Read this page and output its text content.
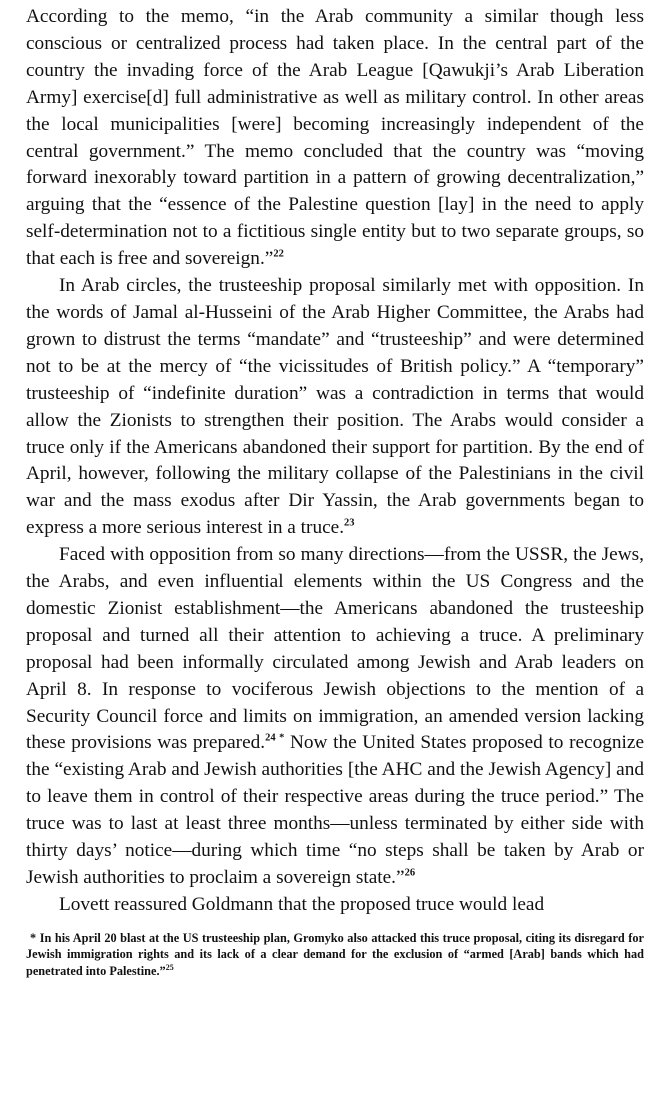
According to the memo, “in the Arab community a similar though less conscious or centralized process had taken place. In the central part of the country the invading force of the Arab League [Qawukji’s Arab Liberation Army] exercise[d] full administrative as well as military control. In other areas the local municipalities [were] becoming increasingly independent of the central government.” The memo concluded that the country was “moving forward inexorably toward partition in a pattern of growing decentralization,” arguing that the “essence of the Palestine question [lay] in the need to apply self-determination not to a fictitious single entity but to two separate groups, so that each is free and sovereign.”$^{22}$

In Arab circles, the trusteeship proposal similarly met with opposition. In the words of Jamal al-Husseini of the Arab Higher Committee, the Arabs had grown to distrust the terms “mandate” and “trusteeship” and were determined not to be at the mercy of “the vicissitudes of British policy.” A “temporary” trusteeship of “indefinite duration” was a contradiction in terms that would allow the Zionists to strengthen their position. The Arabs would consider a truce only if the Americans abandoned their support for partition. By the end of April, however, following the military collapse of the Palestinians in the civil war and the mass exodus after Dir Yassin, the Arab governments began to express a more serious interest in a truce.$^{23}$

Faced with opposition from so many directions—from the USSR, the Jews, the Arabs, and even influential elements within the US Congress and the domestic Zionist establishment—the Americans abandoned the trusteeship proposal and turned all their attention to achieving a truce. A preliminary proposal had been informally circulated among Jewish and Arab leaders on April 8. In response to vociferous Jewish objections to the mention of a Security Council force and limits on immigration, an amended version lacking these provisions was prepared.$^{24}$ * Now the United States proposed to recognize the “existing Arab and Jewish authorities [the AHC and the Jewish Agency] and to leave them in control of their respective areas during the truce period.” The truce was to last at least three months—unless terminated by either side with thirty days’ notice—during which time “no steps shall be taken by Arab or Jewish authorities to proclaim a sovereign state.”$^{26}$

Lovett reassured Goldmann that the proposed truce would lead

* In his April 20 blast at the US trusteeship plan, Gromyko also attacked this truce proposal, citing its disregard for Jewish immigration rights and its lack of a clear demand for the exclusion of “armed [Arab] bands which had penetrated into Palestine.”$^{25}$
